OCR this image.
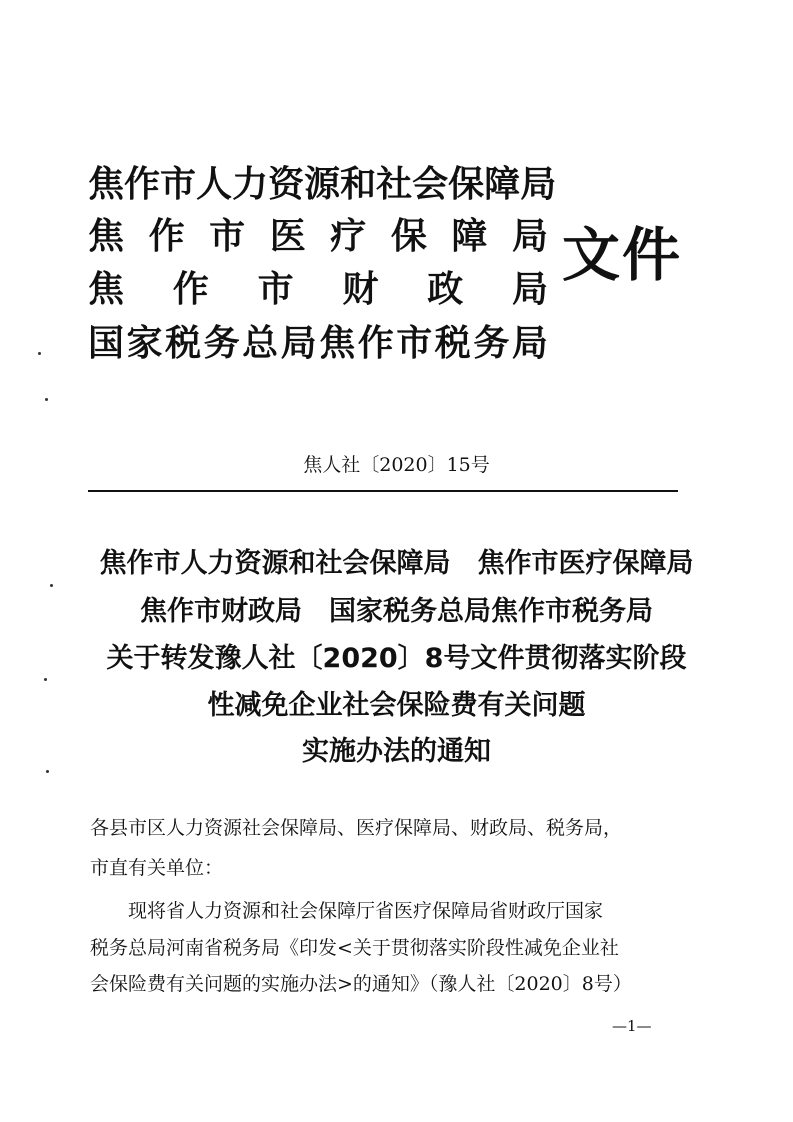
焦 作 市 人 力 资 源 和 社 会 保 障 局
焦 作 市 医 疗 保 障 局
焦 作 市 财 政 局
国 家 税 务 总 局 焦 作 市 税 务 局
文件
焦人社〔2020〕15号
焦作市人力资源和社会保障局　焦作市医疗保障局
焦作市财政局　国家税务总局焦作市税务局
关于转发豫人社〔2020〕8号文件贯彻落实阶段
性减免企业社会保险费有关问题
实施办法的通知
各县市区人力资源社会保障局、医疗保障局、财政局、税务局，
市直有关单位：
现将省人力资源和社会保障厅省医疗保障局省财政厅国家
税务总局河南省税务局《印发<关于贯彻落实阶段性减免企业社
会保险费有关问题的实施办法>的通知》（豫人社〔2020〕8号）
—1—
